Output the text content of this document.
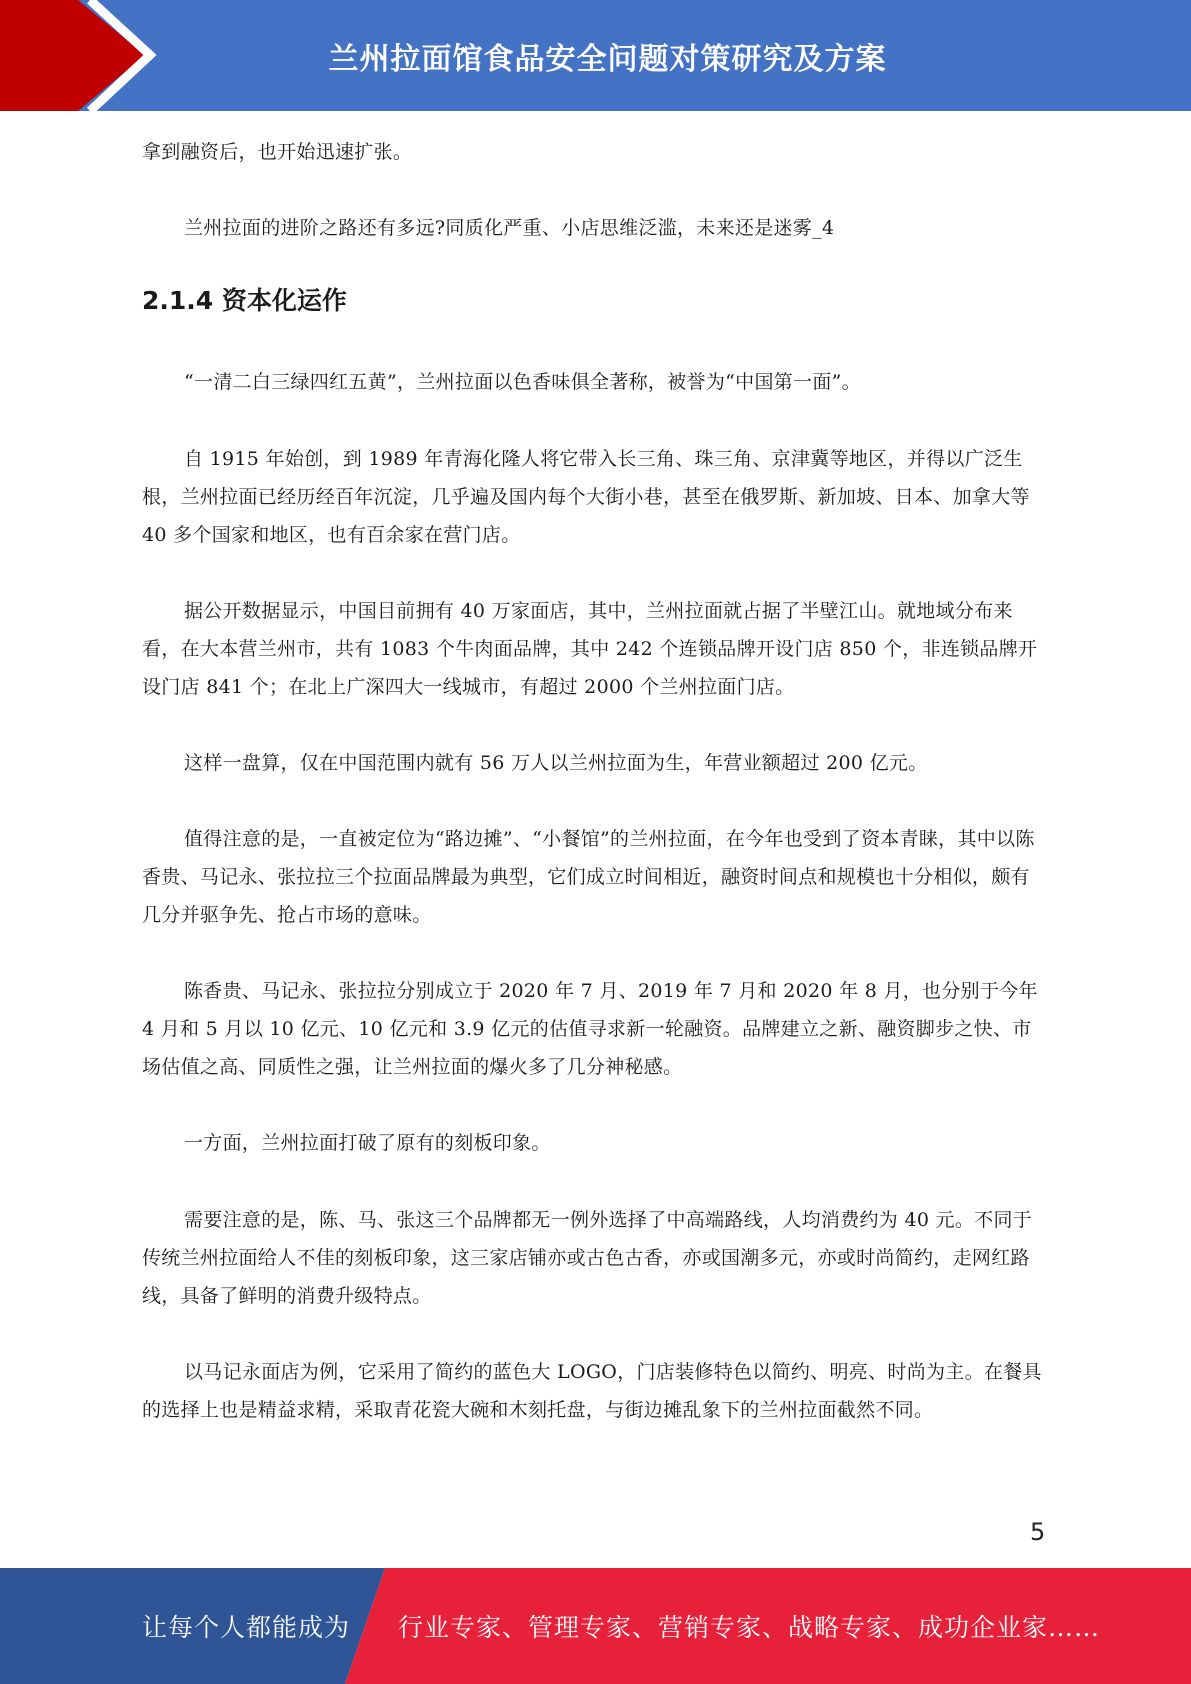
兰州拉面馆食品安全问题对策研究及方案

拿到融资后，也开始迅速扩张。

兰州拉面的进阶之路还有多远?同质化严重、小店思维泛滥，未来还是迷雾_4

2.1.4 资本化运作

“一清二白三绿四红五黄”，兰州拉面以色香味俱全著称，被誉为“中国第一面”。

自 1915 年始创，到 1989 年青海化隆人将它带入长三角、珠三角、京津冀等地区，并得以广泛生根，兰州拉面已经历经百年沉淀，几乎遍及国内每个大街小巷，甚至在俄罗斯、新加坡、日本、加拿大等 40 多个国家和地区，也有百余家在营门店。

据公开数据显示，中国目前拥有 40 万家面店，其中，兰州拉面就占据了半壁江山。就地域分布来看，在大本营兰州市，共有 1083 个牛肉面品牌，其中 242 个连锁品牌开设门店 850 个，非连锁品牌开设门店 841 个；在北上广深四大一线城市，有超过 2000 个兰州拉面门店。

这样一盘算，仅在中国范围内就有 56 万人以兰州拉面为生，年营业额超过 200 亿元。

值得注意的是，一直被定位为“路边摊”、“小餐馆”的兰州拉面，在今年也受到了资本青睐，其中以陈香贵、马记永、张拉拉三个拉面品牌最为典型，它们成立时间相近，融资时间点和规模也十分相似，颇有几分并驱争先、抢占市场的意味。

陈香贵、马记永、张拉拉分别成立于 2020 年 7 月、2019 年 7 月和 2020 年 8 月，也分别于今年 4 月和 5 月以 10 亿元、10 亿元和 3.9 亿元的估值寻求新一轮融资。品牌建立之新、融资脚步之快、市场估值之高、同质性之强，让兰州拉面的爆火多了几分神秘感。

一方面，兰州拉面打破了原有的刻板印象。

需要注意的是，陈、马、张这三个品牌都无一例外选择了中高端路线，人均消费约为 40 元。不同于传统兰州拉面给人不佳的刻板印象，这三家店铺亦或古色古香，亦或国潮多元，亦或时尚简约，走网红路线，具备了鲜明的消费升级特点。

以马记永面店为例，它采用了简约的蓝色大 LOGO，门店装修特色以简约、明亮、时尚为主。在餐具的选择上也是精益求精，采取青花瓷大碗和木刻托盘，与街边摊乱象下的兰州拉面截然不同。

5
让每个人都能成为 行业专家、管理专家、营销专家、战略专家、成功企业家……
